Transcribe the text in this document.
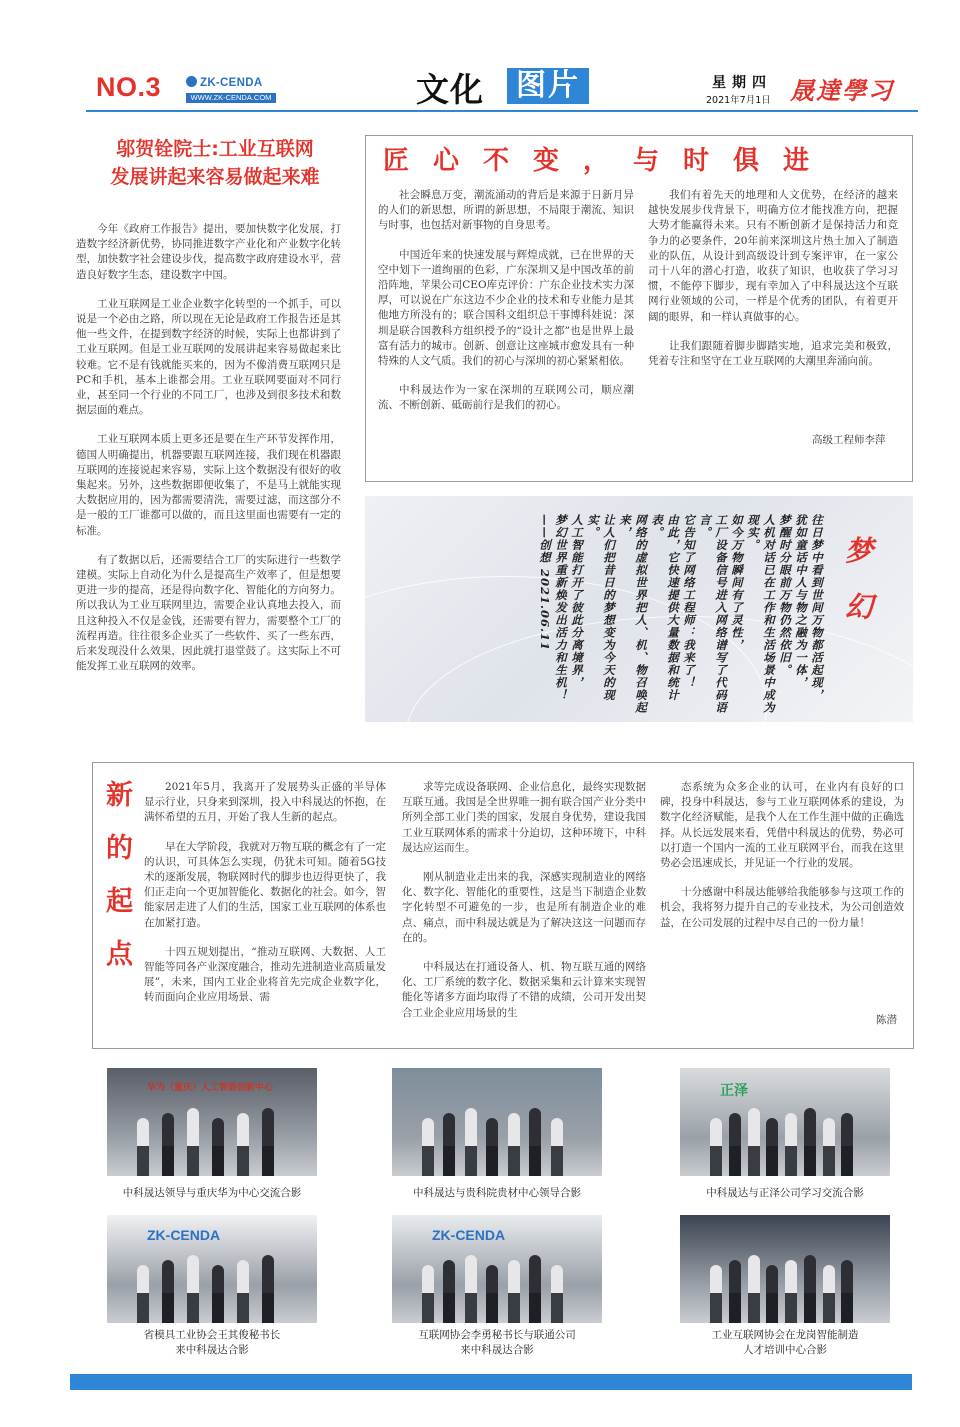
NO.3	ZK-CENDA
WWW.ZK-CENDA.COM	文化	图片	星期四
2021年7月1日 晟達學习
邬贺铨院士:工业互联网
发展讲起来容易做起来难

今年《政府工作报告》提出，要加快数字化发展，打造数字经济新优势，协同推进数字产业化和产业数字化转型，加快数字社会建设步伐，提高数字政府建设水平，营造良好数字生态，建设数字中国。

工业互联网是工业企业数字化转型的一个抓手，可以说是一个必由之路，所以现在无论是政府工作报告还是其他一些文件，在提到数字经济的时候，实际上也都讲到了工业互联网。但是工业互联网的发展讲起来容易做起来比较难。它不是有钱就能买来的，因为不像消费互联网只是PC和手机，基本上谁都会用。工业互联网要面对不同行业，甚至同一个行业的不同工厂，也涉及到很多技术和数据层面的难点。

工业互联网本质上更多还是要在生产环节发挥作用，德国人明确提出，机器要跟互联网连接，我们现在机器跟互联网的连接说起来容易，实际上这个数据没有很好的收集起来。另外，这些数据即便收集了，不是马上就能实现大数据应用的，因为都需要清洗，需要过滤，而这部分不是一般的工厂谁都可以做的，而且这里面也需要有一定的标准。

有了数据以后，还需要结合工厂的实际进行一些数学建模。实际上自动化为什么是提高生产效率了，但是想要更进一步的提高，还是得向数字化、智能化的方向努力。所以我认为工业互联网里边，需要企业认真地去投入，而且这种投入不仅是金钱，还需要有智力，需要整个工厂的流程再造。往往很多企业买了一些软件、买了一些东西，后来发现没什么效果，因此就打退堂鼓了。这实际上不可能发挥工业互联网的效率。

匠心不变，与时俱进

社会瞬息万变，潮流涌动的背后是来源于日新月异的人们的新思想，所谓的新思想，不局限于潮流、知识与时事，也包括对新事物的自身思考。

中国近年来的快速发展与辉煌成就，已在世界的天空中划下一道绚丽的色彩，广东深圳又是中国改革的前沿阵地，苹果公司CEO库克评价：广东企业技术实力深厚，可以说在广东这边不少企业的技术和专业能力是其他地方所没有的；联合国科文组织总干事博科娃说：深圳是联合国教科方组织授予的“设计之都”也是世界上最富有活力的城市。创新、创意让这座城市愈发具有一种特殊的人文气质。我们的初心与深圳的初心紧紧相依。

中科晟达作为一家在深圳的互联网公司，顺应潮流、不断创新、砥砺前行是我们的初心。

我们有着先天的地理和人文优势，在经济的越来越快发展步伐背景下，明确方位才能找准方向，把握大势才能赢得未来。只有不断创新才是保持活力和竞争力的必要条件，20年前来深圳这片热土加入了制造业的队伍，从设计到高级设计到专案评审，在一家公司十八年的潜心打造，收获了知识，也收获了学习习惯，不能停下脚步，现有幸加入了中科晟达这个互联网行业领域的公司，一样是个优秀的团队，有着更开阔的眼界，和一样认真做事的心。

让我们跟随着脚步脚踏实地，追求完美和极致，凭着专注和坚守在工业互联网的大潮里奔涌向前。

高级工程师李萍

往日梦中看到世间万物都活起现，

犹如童话中人与物之融为一体，

梦醒时分眼前万物仍然依旧。

人机对话已在工作和生活场景中成为现实。

如今万物瞬间有了灵性，

工厂设备信号进入网络谱写了代码语言。

它告知了网络工程师：我来了！

由此，它快速提供大量数据和统计表。

网络的虚拟世界把人、机、物召唤起来，

让人们把昔日的梦想变为今天的现实。

人工智能打开了彼此分离境界，

梦幻世界重新焕发出活力和生机！

——创想 2021.06.11	梦幻
新的起点	2021年5月，我离开了发展势头正盛的半导体显示行业，只身来到深圳，投入中科晟达的怀抱，在满怀希望的五月，开始了我人生新的起点。

早在大学阶段，我就对万物互联的概念有了一定的认识，可具体怎么实现，仍犹未可知。随着5G技术的逐渐发展，物联网时代的脚步也迈得更快了，我们正走向一个更加智能化、数据化的社会。如今，智能家居走进了人们的生活，国家工业互联网的体系也在加紧打造。

十四五规划提出，“推动互联网、大数据、人工智能等同各产业深度融合，推动先进制造业高质量发展”，未来，国内工业企业将首先完成企业数字化，转而面向企业应用场景、需

求等完成设备联网、企业信息化，最终实现数据互联互通。我国是全世界唯一拥有联合国产业分类中所列全部工业门类的国家，发展自身优势，建设我国工业互联网体系的需求十分迫切，这种环境下，中科晟达应运而生。

刚从制造业走出来的我，深感实现制造业的网络化、数字化、智能化的重要性，这是当下制造企业数字化转型不可避免的一步，也是所有制造企业的难点、痛点，而中科晟达就是为了解决这这一问题而存在的。

中科晟达在打通设备人、机、物互联互通的网络化、工厂系统的数字化、数据采集和云计算来实现智能化等诸多方面均取得了不错的成绩，公司开发出契合工业企业应用场景的生

态系统为众多企业的认可，在业内有良好的口碑，投身中科晟达，参与工业互联网体系的建设，为数字化经济赋能，是我个人在工作生涯中做的正确选择。从长远发展来看，凭借中科晟达的优势，势必可以打造一个国内一流的工业互联网平台，而我在这里势必会迅速成长，并见证一个行业的发展。

十分感谢中科晟达能够给我能够参与这项工作的机会，我将努力提升自己的专业技术，为公司创造效益，在公司发展的过程中尽自己的一份力量！

陈潜
华为（重庆）人工智能创新中心
中科晟达领导与重庆华为中心交流合影	中科晟达与贵科院贵材中心领导合影
正泽
中科晟达与正泽公司学习交流合影
ZK-CENDA
省模具工业协会王其俊秘书长
来中科晟达合影
ZK-CENDA
互联网协会李勇秘书长与联通公司
来中科晟达合影
工业互联网协会在龙岗智能制造
人才培训中心合影
